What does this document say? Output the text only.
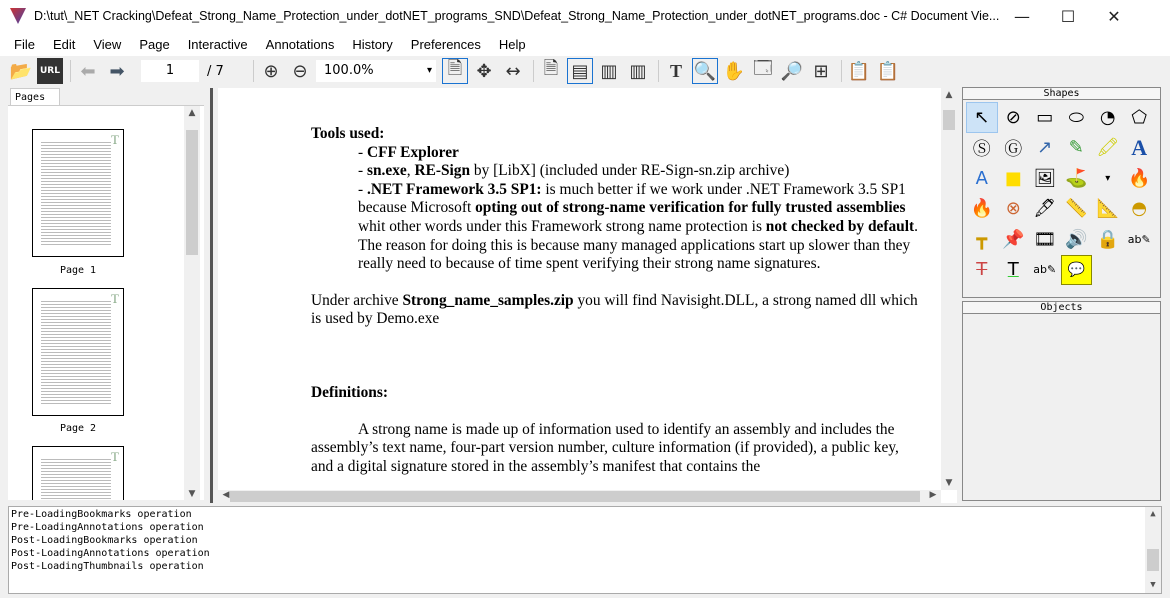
D:\tut\_NET Cracking\Defeat_Strong_Name_Protection_under_dotNET_programs_SND\Defeat_Strong_Name_Protection_under_dotNET_programs.doc - C# Document Vie... —	☐	✕
File Edit View Page Interactive Annotations History Preferences Help
📂 URL	⬅ ➡	1	/ 7	⊕ ⊖	100.0% ▾	🗎 ✥ ↔	🗎 ▤ ▥ ▥	T 🔍 ✋ 🗔 🔎 ⊞	📋 📋
Pages
T
Page 1
T
Page 2
T
▲
▼
Tools used:
- CFF Explorer
- sn.exe, RE-Sign by [LibX] (included under RE-Sign-sn.zip archive)
- .NET Framework 3.5 SP1: is much better if we work under .NET Framework 3.5 SP1 because Microsoft opting out of strong-name verification for fully trusted assemblies whit other words under this Framework strong name protection is not checked by default. The reason for doing this is because many managed applications start up slower than they really need to because of time spent verifying their strong name signatures.
Under archive Strong_name_samples.zip you will find Navisight.DLL, a strong named dll which is used by Demo.exe
Definitions:
A strong name is made up of information used to identify an assembly and includes the assembly’s text name, four-part version number, culture information (if provided), a public key, and a digital signature stored in the assembly’s manifest that contains the
▲
▼
◀	▶
Shapes
↖ ⊘ ▭ ⬭ ◔ ⬠
Ⓢ Ⓖ ↗ ✎ 🖍 A
A ■ 🖼 ⛳	▾ 🔥
🔥 ⊗ 🖋 📏 📐 ◓
┳ 📌 🎞 🔊 🔒 ab✎
T	T	ab✎ 💬
Objects
Pre-LoadingBookmarks operation
Pre-LoadingAnnotations operation
Post-LoadingBookmarks operation
Post-LoadingAnnotations operation
Post-LoadingThumbnails operation
▲
▼
